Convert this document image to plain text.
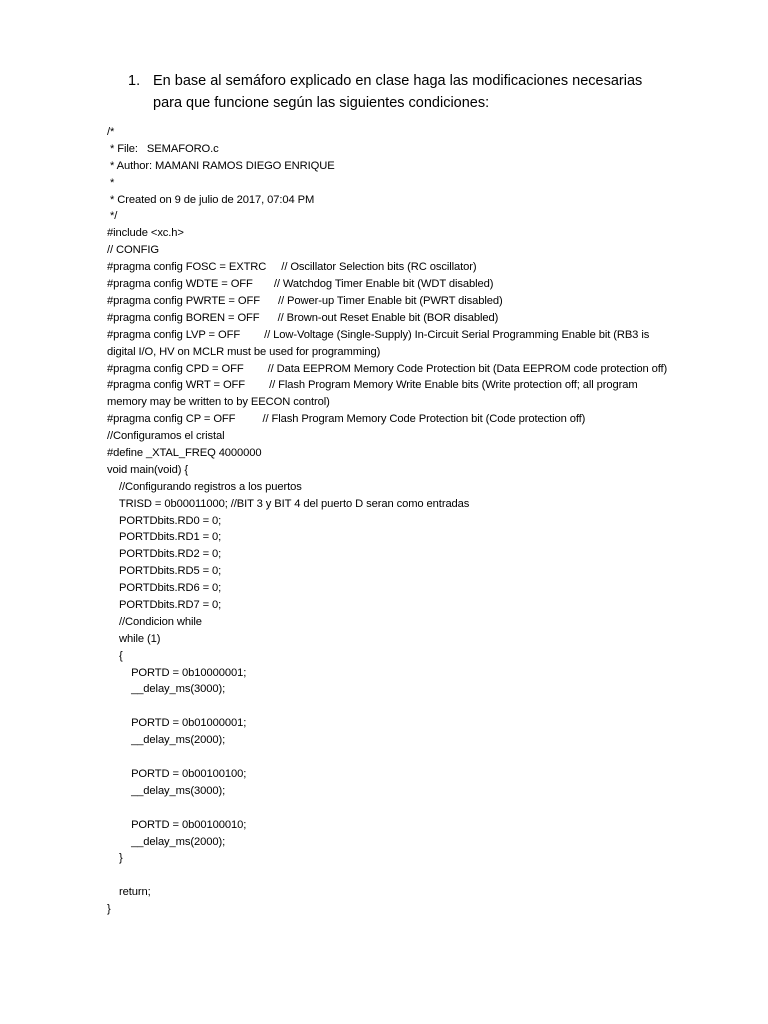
1. En base al semáforo explicado en clase haga las modificaciones necesarias para que funcione según las siguientes condiciones:
/*
* File:   SEMAFORO.c
* Author: MAMANI RAMOS DIEGO ENRIQUE
*
* Created on 9 de julio de 2017, 07:04 PM
*/
#include <xc.h>
// CONFIG
#pragma config FOSC = EXTRC     // Oscillator Selection bits (RC oscillator)
#pragma config WDTE = OFF       // Watchdog Timer Enable bit (WDT disabled)
#pragma config PWRTE = OFF      // Power-up Timer Enable bit (PWRT disabled)
#pragma config BOREN = OFF      // Brown-out Reset Enable bit (BOR disabled)
#pragma config LVP = OFF        // Low-Voltage (Single-Supply) In-Circuit Serial Programming Enable bit (RB3 is digital I/O, HV on MCLR must be used for programming)
#pragma config CPD = OFF        // Data EEPROM Memory Code Protection bit (Data EEPROM code protection off)
#pragma config WRT = OFF        // Flash Program Memory Write Enable bits (Write protection off; all program memory may be written to by EECON control)
#pragma config CP = OFF         // Flash Program Memory Code Protection bit (Code protection off)
//Configuramos el cristal
#define _XTAL_FREQ 4000000
void main(void) {
//Configurando registros a los puertos
TRISD = 0b00011000; //BIT 3 y BIT 4 del puerto D seran como entradas
PORTDbits.RD0 = 0;
PORTDbits.RD1 = 0;
PORTDbits.RD2 = 0;
PORTDbits.RD5 = 0;
PORTDbits.RD6 = 0;
PORTDbits.RD7 = 0;
//Condicion while
while (1)
{
PORTD = 0b10000001;
__delay_ms(3000);

PORTD = 0b01000001;
__delay_ms(2000);

PORTD = 0b00100100;
__delay_ms(3000);

PORTD = 0b00100010;
__delay_ms(2000);
}

return;
}
